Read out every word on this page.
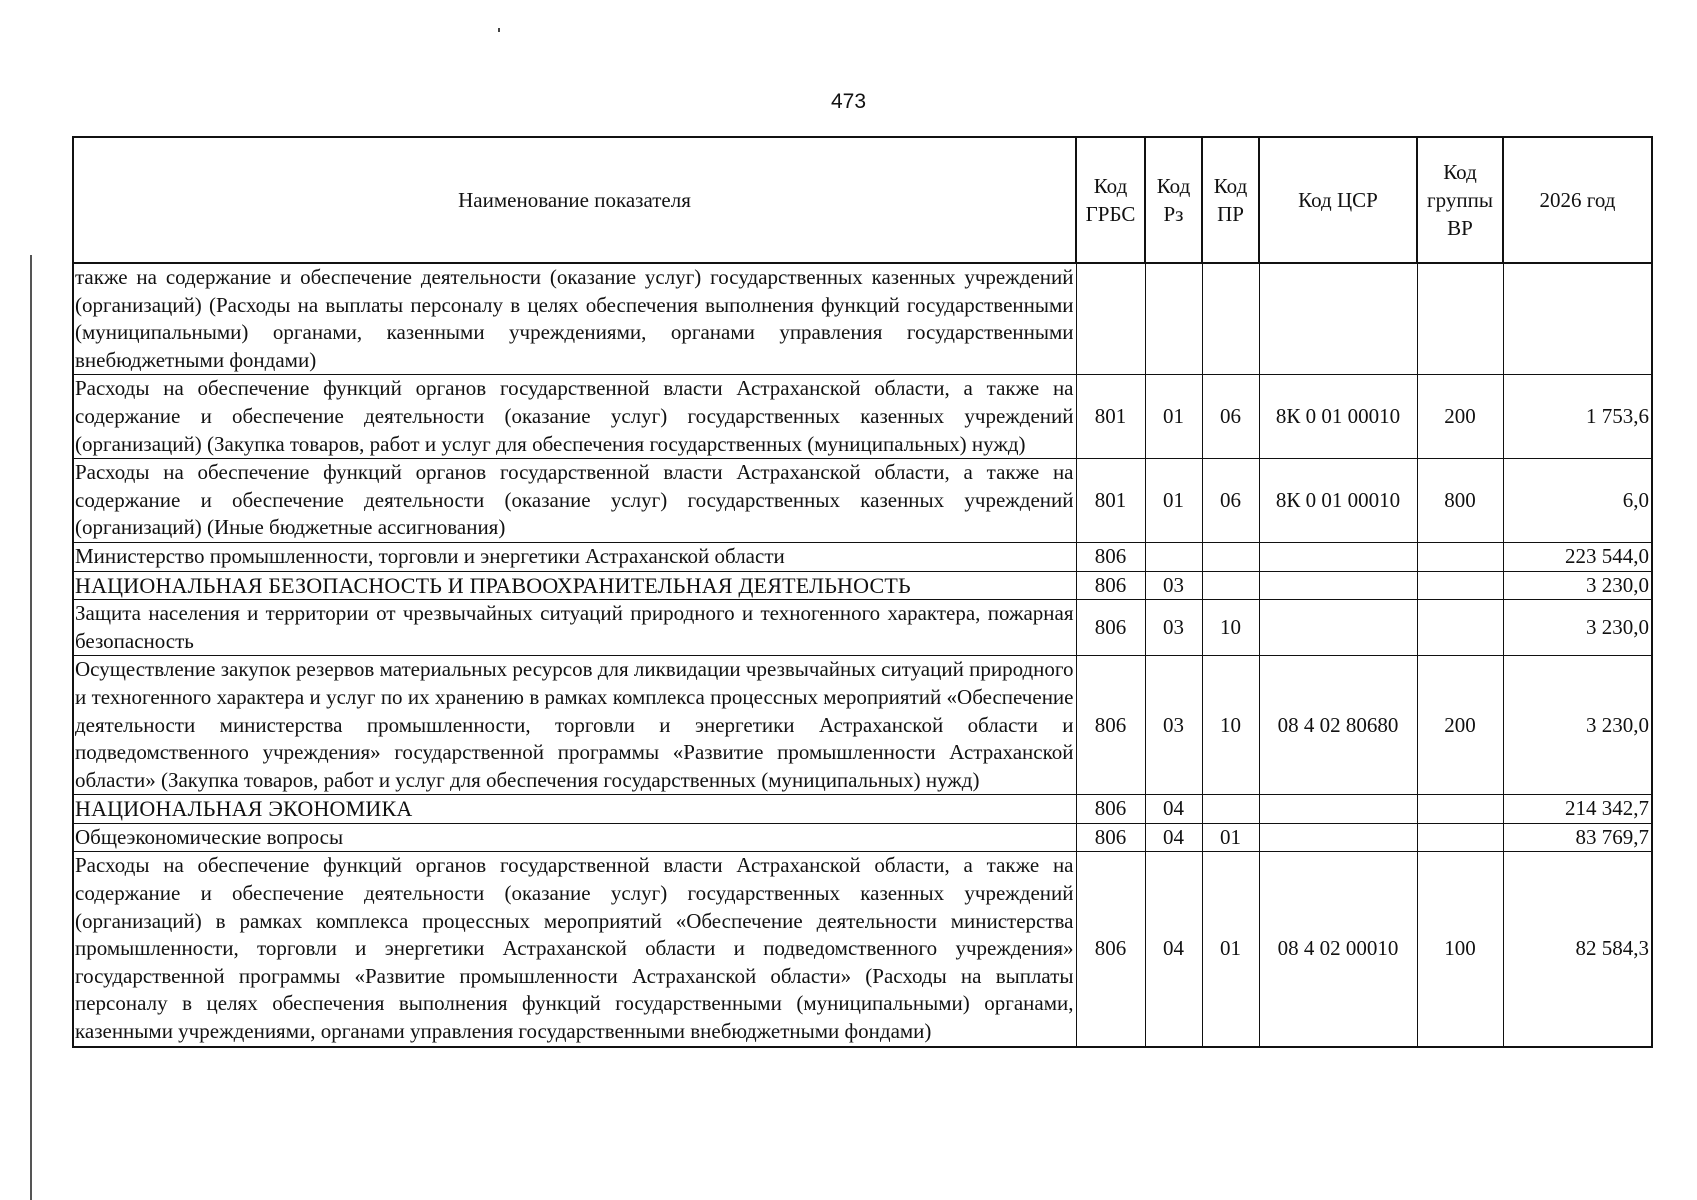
473
Наименование показателя	Код ГРБС	Код Рз	Код ПР	Код ЦСР	Код группы ВР	2026 год
также на содержание и обеспечение деятельности (оказание услуг) государственных казенных учреждений (организаций) (Расходы на выплаты персоналу в целях обеспечения выполнения функций государственными (муниципальными) органами, казенными учреждениями, органами управления государственными внебюджетными фондами)						
Расходы на обеспечение функций органов государственной власти Астраханской области, а также на содержание и обеспечение деятельности (оказание услуг) государственных казенных учреждений (организаций) (Закупка товаров, работ и услуг для обеспечения государственных (муниципальных) нужд)	801	01	06	8К 0 01 00010	200	1 753,6
Расходы на обеспечение функций органов государственной власти Астраханской области, а также на содержание и обеспечение деятельности (оказание услуг) государственных казенных учреждений (организаций) (Иные бюджетные ассигнования)	801	01	06	8К 0 01 00010	800	6,0
Министерство промышленности, торговли и энергетики Астраханской области	806					223 544,0
НАЦИОНАЛЬНАЯ БЕЗОПАСНОСТЬ И ПРАВООХРАНИТЕЛЬНАЯ ДЕЯТЕЛЬНОСТЬ	806	03				3 230,0
Защита населения и территории от чрезвычайных ситуаций природного и техногенного характера, пожарная безопасность	806	03	10			3 230,0
Осуществление закупок резервов материальных ресурсов для ликвидации чрезвычайных ситуаций природного и техногенного характера и услуг по их хранению в рамках комплекса процессных мероприятий «Обеспечение деятельности министерства промышленности, торговли и энергетики Астраханской области и подведомственного учреждения» государственной программы «Развитие промышленности Астраханской области» (Закупка товаров, работ и услуг для обеспечения государственных (муниципальных) нужд)	806	03	10	08 4 02 80680	200	3 230,0
НАЦИОНАЛЬНАЯ ЭКОНОМИКА	806	04				214 342,7
Общеэкономические вопросы	806	04	01			83 769,7
Расходы на обеспечение функций органов государственной власти Астраханской области, а также на содержание и обеспечение деятельности (оказание услуг) государственных казенных учреждений (организаций) в рамках комплекса процессных мероприятий «Обеспечение деятельности министерства промышленности, торговли и энергетики Астраханской области и подведомственного учреждения» государственной программы «Развитие промышленности Астраханской области» (Расходы на выплаты персоналу в целях обеспечения выполнения функций государственными (муниципальными) органами, казенными учреждениями, органами управления государственными внебюджетными фондами)	806	04	01	08 4 02 00010	100	82 584,3
